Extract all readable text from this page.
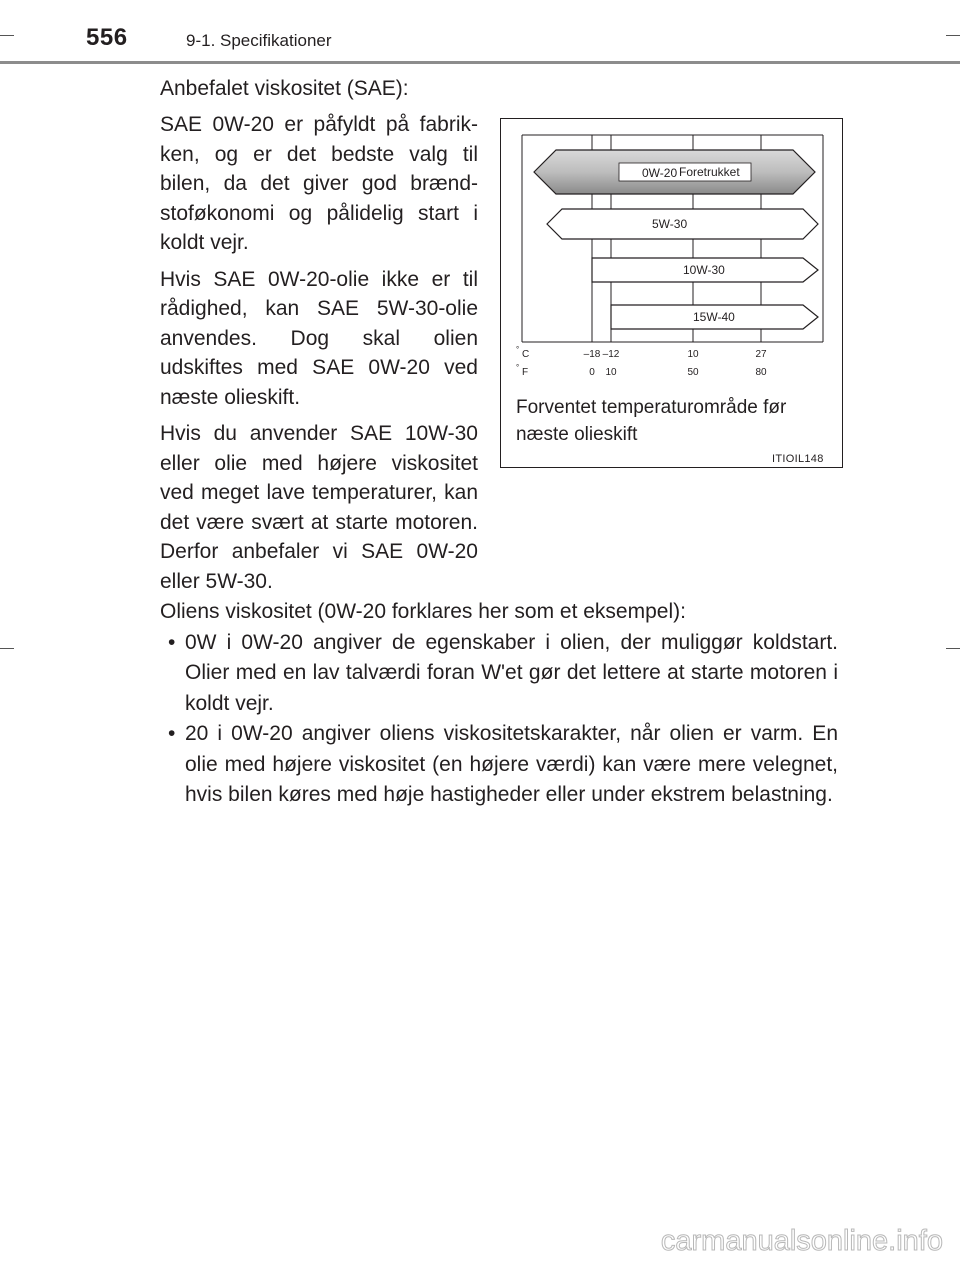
556	9-1. Specifikationer
Anbefalet viskositet (SAE):

SAE 0W-20 er påfyldt på fabrikken, og er det bedste valg til bilen, da det giver god brændstoføkonomi og pålidelig start i koldt vejr.

Hvis SAE 0W-20-olie ikke er til rådighed, kan SAE 5W-30-olie anvendes. Dog skal olien udskiftes med SAE 0W-20 ved næste olieskift.

Hvis du anvender SAE 10W-30 eller olie med højere viskositet ved meget lave temperaturer, kan det være svært at starte motoren. Derfor anbefaler vi SAE 0W-20 eller 5W-30.

0W-20 Foretrukket
5W-30
10W-30
15W-40
° C
° F
–18 –12	10	27
0 10	50	80
Forventet temperaturområde før næste olieskift
ITIOIL148

Oliens viskositet (0W-20 forklares her som et eksempel):

• 0W i 0W-20 angiver de egenskaber i olien, der muliggør koldstart. Olier med en lav talværdi foran W'et gør det lettere at starte motoren i koldt vejr.
• 20 i 0W-20 angiver oliens viskositetskarakter, når olien er varm. En olie med højere viskositet (en højere værdi) kan være mere velegnet, hvis bilen køres med høje hastigheder eller under ekstrem belastning.
carmanualsonline.info
